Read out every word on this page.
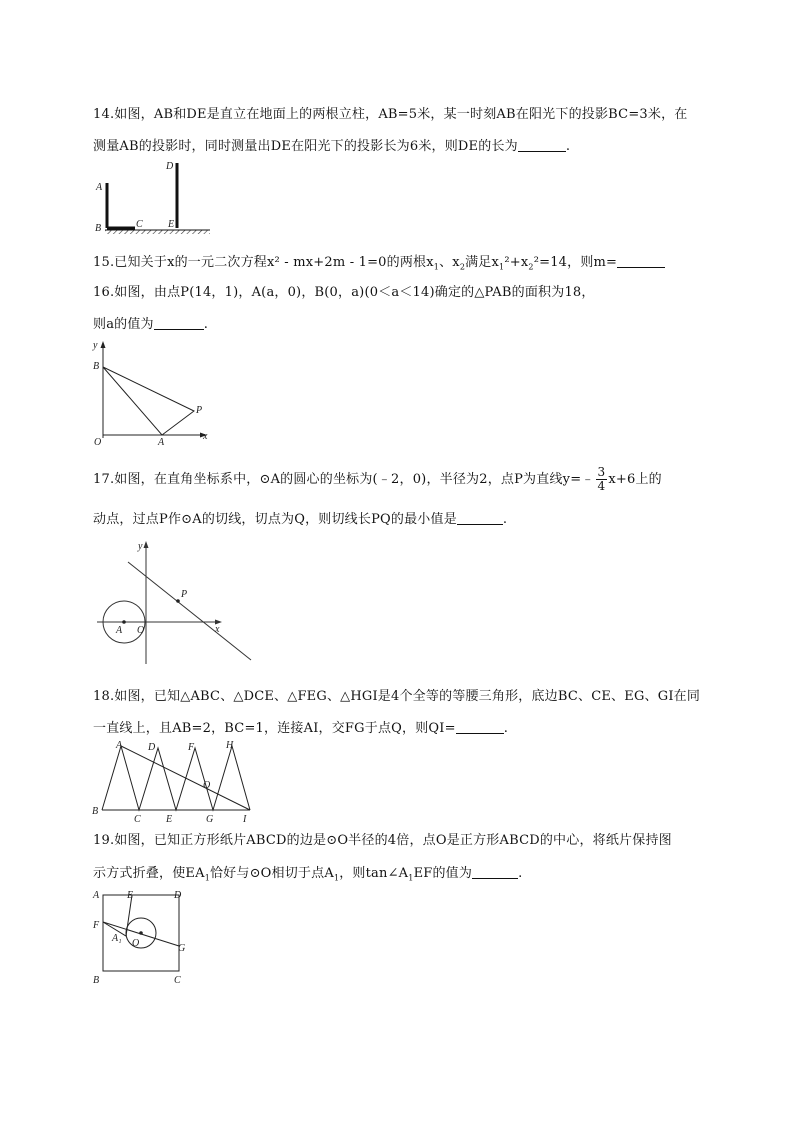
14.如图，AB和DE是直立在地面上的两根立柱，AB=5米，某一时刻AB在阳光下的投影BC=3米，在
测量AB的投影时，同时测量出DE在阳光下的投影长为6米，则DE的长为	.
A
B	C
D
E
15.已知关于x的一元二次方程x² - mx+2m - 1=0的两根$x_1$、$x_2$满足$x_1^2+x_2^2=14$，则m=
16.如图，由点P(14，1)，A(a，0)，B(0，a)(0＜a＜14)确定的△PAB的面积为18，
则a的值为	.
y
x
O	A
B
P
17.如图，在直角坐标系中，⊙A的圆心的坐标为(﹣2，0)，半径为2，点P为直线y=﹣ $\frac{3}{4} x+6$上的
动点，过点P作⊙A的切线，切点为Q，则切线长PQ的最小值是	.
y
x
O
A
P
18.如图，已知△ABC、△DCE、△FEG、△HGI是4个全等的等腰三角形，底边BC、CE、EG、GI在同
一直线上，且AB=2，BC=1，连接AI，交FG于点Q，则QI=	.
A
B
C
D
E
F
G
H
I
Q
19.如图，已知正方形纸片ABCD的边是⊙O半径的4倍，点O是正方形ABCD的中心，将纸片保持图
示方式折叠，使$EA_1$恰好与⊙O相切于点$A_1$，则$\tan\angle A_1EF$的值为	.
A
B	C
D
E
F
G
O
A₁
